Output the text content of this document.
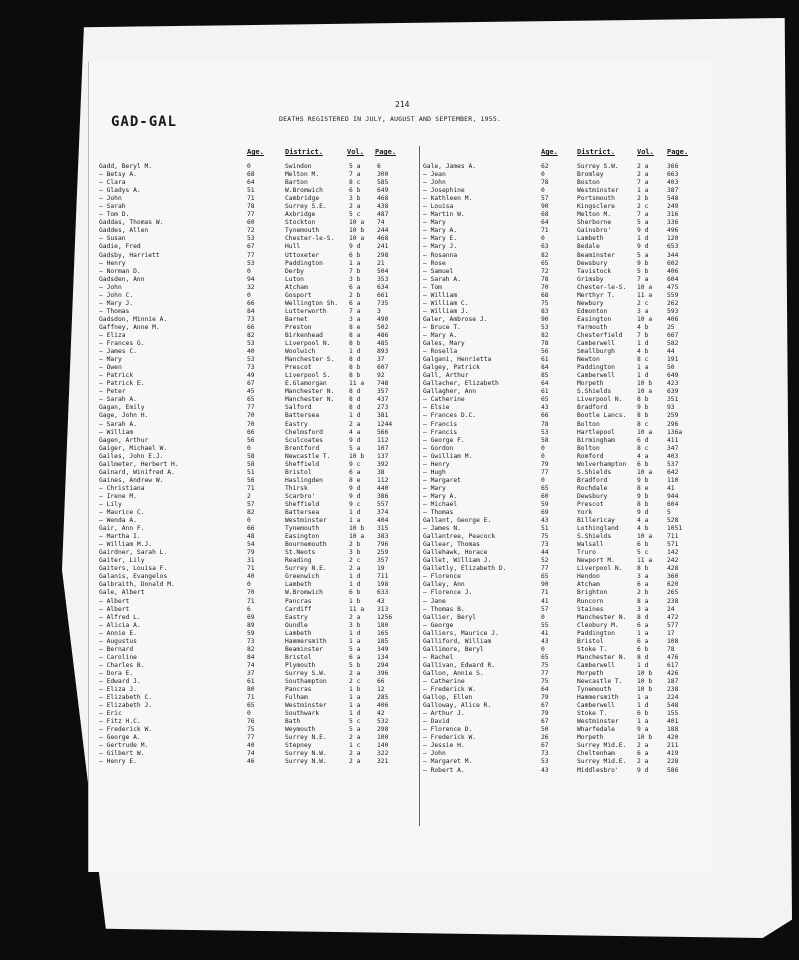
214
GAD-GAL	DEATHS REGISTERED IN JULY, AUGUST AND SEPTEMBER, 1955.
Age.	District.	Vol. Page.	Age.	District.	Vol. Page.
Gadd, Beryl M.	0	Swindon	5 a	6
— Betsy A.	68	Melton M.	7 a	300
— Clara	64	Barton	8 c	585
— Gladys A.	51	W.Bromwich	6 b	649
— John	71	Cambridge	3 b	468
— Sarah	78	Surrey S.E.	2 a	438
— Tom D.	77	Axbridge	5 c	487
Gaddas, Thomas W.	60	Stockton	10 a 74
Gaddes, Allen	72	Tynemouth	10 b 244
— Susan	53	Chester-le-S. 10 a 468
Gadie, Fred	67	Hull	9 d	241
Gadsby, Harriett	77	Uttoxeter	6 b	298
— Henry	53	Paddington	1 a	21
— Norman D.	0	Derby	7 b	504
Gadsden, Ann	94	Luton	3 b	353
— John	32	Atcham	6 a	634
— John C.	0	Gosport	2 b	661
— Mary J.	66	Wellington Sh. 6 a	735
— Thomas	84	Lutterworth	7 a	3
Gadsdon, Minnie A.	73	Barnet	3 a	490
Gaffney, Anne M.	66	Preston	8 e	502
— Eliza	82	Birkenhead	8 a	486
— Frances G.	53	Liverpool N.	8 b	485
— James C.	40	Woolwich	1 d	893
— Mary	53	Manchester S. 8 d	37
— Owen	73	Prescot	8 b	607
— Patrick	49	Liverpool S.	8 b	92
— Patrick E.	67	E.Glamorgan	11 a 748
— Peter	45	Manchester N. 8 d	357
— Sarah A.	65	Manchester N. 8 d	437
Gagan, Emily	77	Salford	8 d	273
Gage, John H.	70	Battersea	1 d	381
— Sarah A.	70	Eastry	2 a	1244
— William	66	Chelmsford	4 a	566
Gagen, Arthur	56	Sculcoates	9 d	112
Gaiger, Michael W.	0	Brentford	5 a	107
Gailes, John E.J.	58	Newcastle T.	10 b 137
Gailmeter, Herbert H.	58	Sheffield	9 c	392
Gainard, Winifred A.	51	Bristol	6 a	38
Gaines, Andrew W.	56	Haslingden	8 e	112
— Christiana	71	Thirsk	9 d	440
— Irene M.	2	Scarbro'	9 d	386
— Lily	57	Sheffield	9 c	557
— Maurice C.	82	Battersea	1 d	374
— Wenda A.	0	Westminster	1 a	404
Gair, Ann F.	66	Tynemouth	10 b 315
— Martha I.	48	Easington	10 a 383
— William M.J.	54	Bournemouth	2 b	796
Gairdner, Sarah L.	79	St.Neots	3 b	259
Gaiter, Lily	31	Reading	2 c	357
Gaiters, Louisa F.	71	Surrey N.E.	2 a	19
Galanis, Evangelos	40	Greenwich	1 d	711
Galbraith, Donald M.	0	Lambeth	1 d	198
Gale, Albert	70	W.Bromwich	6 b	633
— Albert	71	Pancras	1 b	43
— Albert	6	Cardiff	11 a 313
— Alfred L.	69	Eastry	2 a	1256
— Alicia A.	89	Oundle	3 b	180
— Annie E.	59	Lambeth	1 d	165
— Augustus	73	Hammersmith	1 a	185
— Bernard	82	Beaminster	5 a	349
— Caroline	84	Bristol	6 a	134
— Charles B.	74	Plymouth	5 b	294
— Dora E.	37	Surrey S.W.	2 a	396
— Edward J.	61	Southampton	2 c	66
— Eliza J.	80	Pancras	1 b	12
— Elizabeth C.	71	Fulham	1 a	285
— Elizabeth J.	65	Westminster	1 a	406
— Eric	0	Southwark	1 d	42
— Fitz H.C.	76	Bath	5 c	532
— Frederick W.	75	Weymouth	5 a	298
— George A.	77	Surrey N.E.	2 a	100
— Gertrude M.	40	Stepney	1 c	140
— Gilbert W.	74	Surrey N.W.	2 a	322
— Henry E.	46	Surrey N.W.	2 a	321
Gale, James A.	62	Surrey S.W.	2 a	366
— Jean	0	Bromley	2 a	663
— John	78	Boston	7 a	403
— Josephine	0	Westminster	1 a	387
— Kathleen M.	57	Portsmouth	2 b	548
— Louisa	90	Kingsclere	2 c	249
— Martin W.	68	Melton M.	7 a	316
— Mary	64	Sherborne	5 a	336
— Mary A.	71	Gainsbro'	9 d	496
— Mary E.	0	Lambeth	1 d	120
— Mary J.	63	Bedale	9 d	653
— Rosanna	82	Beaminster	5 a	344
— Rose	65	Dewsbury	9 b	602
— Samuel	72	Tavistock	5 b	406
— Sarah A.	78	Grimsby	7 a	604
— Tom	70	Chester-le-S. 10 a 475
— William	68	Merthyr T.	11 a 559
— William C.	75	Newbury	2 c	262
— William J.	83	Edmonton	3 a	593
Galer, Ambrose J.	90	Easington	10 a 406
— Bruce T.	53	Yarmouth	4 b	25
— Mary A.	82	Chesterfield 7 b	667
Gales, Mary	78	Camberwell	1 d	582
— Rosella	56	Smallburgh	4 b	44
Galgani, Henrietta	61	Newton	8 c	191
Galgey, Patrick	84	Paddington	1 a	50
Gall, Arthur	85	Camberwell	1 d	649
Gallacher, Elizabeth	64	Morpeth	10 b 423
Gallagher, Ann	61	S.Shields	10 a 639
— Catherine	65	Liverpool N. 8 b	351
— Elsie	43	Bradford	9 b	93
— Frances D.C.	66	Bootle Lancs. 8 b	259
— Francis	78	Bolton	8 c	296
— Francis	53	Hartlepool	10 a 136a
— George F.	58	Birmingham	6 d	411
— Gordon	0	Bolton	8 c	347
— Gwilliam M.	0	Romford	4 a	403
— Henry	79	Wolverhampton 6 b	537
— Hugh	77	S.Shields	10 a 642
— Margaret	0	Bradford	9 b	110
— Mary	65	Rochdale	8 e	41
— Mary A.	60	Dewsbury	9 b	944
— Michael	59	Prescot	8 b	604
— Thomas	69	York	9 d	5
Gallant, George E.	43	Billericay	4 a	528
— James N.	51	Lothingland	4 b	1051
Gallantree, Peacock	75	S.Shields	10 a 711
Gallear, Thomas	73	Walsall	6 b	571
Gallehawk, Horace	44	Truro	5 c	142
Gallet, William J.	52	Newport M.	11 a 242
Galletly, Elizabeth D.	77	Liverpool N. 8 b	428
— Florence	65	Hendon	3 a	360
Galley, Ann	90	Atcham	6 a	620
— Florence J.	71	Brighton	2 b	265
— Jane	41	Runcorn	8 a	238
— Thomas B.	57	Staines	3 a	24
Gallier, Beryl	0	Manchester N. 8 d	472
— George	55	Cleobury M.	6 a	577
Galliers, Maurice J.	41	Paddington	1 a	17
Galliford, William	43	Bristol	6 a	108
Gallimore, Beryl	0	Stoke T.	6 b	78
— Rachel	65	Manchester N. 8 d	476
Gallivan, Edward R.	75	Camberwell	1 d	617
Gallon, Annie S.	77	Morpeth	10 b 426
— Catherine	75	Newcastle T. 10 b 187
— Frederick W.	64	Tynemouth	10 b 238
Gallop, Ellen	79	Hammersmith	1 a	224
Galloway, Alice R.	67	Camberwell	1 d	548
— Arthur J.	79	Stoke T.	6 b	155
— David	67	Westminster	1 a	401
— Florence D.	50	Wharfedale	9 a	188
— Frederick W.	26	Morpeth	10 b 420
— Jessie H.	67	Surrey Mid.E. 2 a	211
— John	73	Cheltenham	6 a	419
— Margaret M.	53	Surrey Mid.E. 2 a	228
— Robert A.	43	Middlesbro'	9 d	586
